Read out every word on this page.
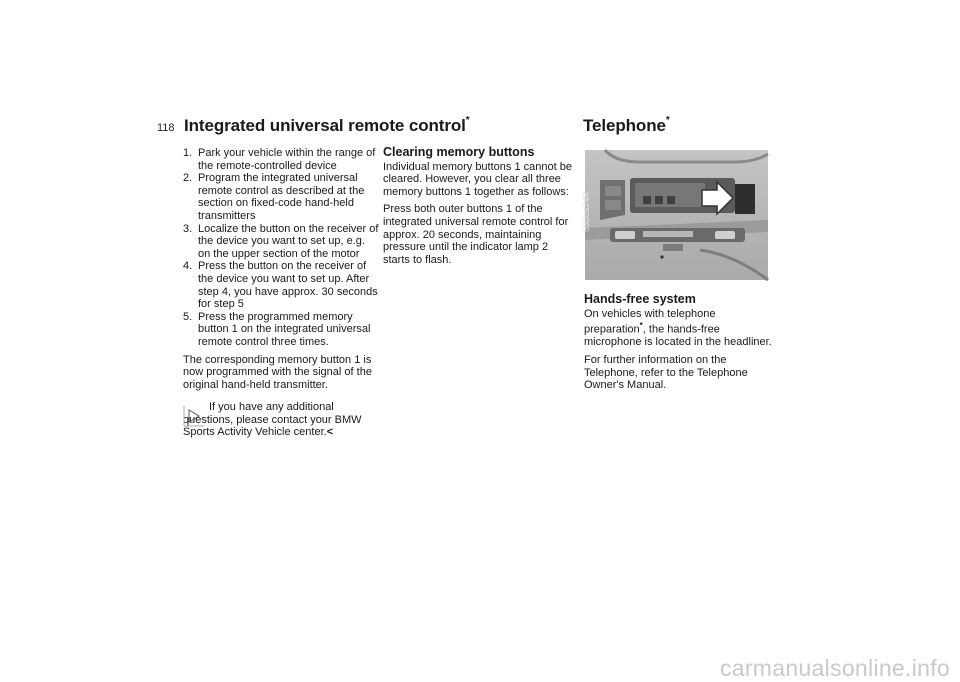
118 Integrated universal remote control*
1. Park your vehicle within the range of the remote-controlled device
2. Program the integrated universal remote control as described at the section on fixed-code hand-held transmitters
3. Localize the button on the receiver of the device you want to set up, e.g. on the upper section of the motor
4. Press the button on the receiver of the device you want to set up. After step 4, you have approx. 30 seconds for step 5
5. Press the programmed memory button 1 on the integrated universal remote control three times.

The corresponding memory button 1 is now programmed with the signal of the original hand-held transmitter.

If you have any additional questions, please contact your BMW Sports Activity Vehicle center.<

Clearing memory buttons

Individual memory buttons 1 cannot be cleared. However, you clear all three memory buttons 1 together as follows:

Press both outer buttons 1 of the integrated universal remote control for approx. 20 seconds, maintaining pressure until the indicator lamp 2 starts to flash.

Telephone*
530us248
Hands-free system

On vehicles with telephone preparation*, the hands-free microphone is located in the headliner.

For further information on the Telephone, refer to the Telephone Owner's Manual.

carmanualsonline.info
